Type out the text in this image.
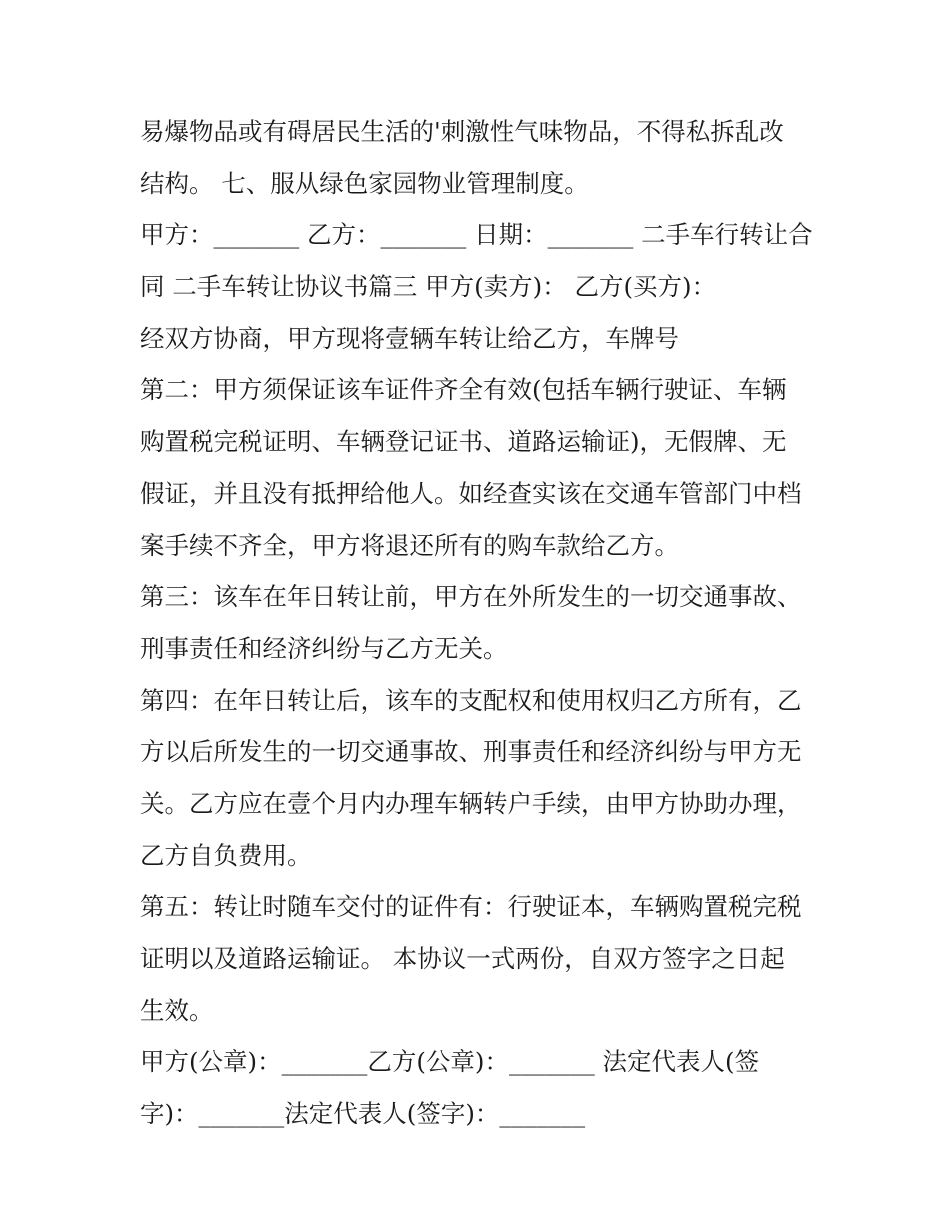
易爆物品或有碍居民生活的'刺激性气味物品，不得私拆乱改
结构。 七、服从绿色家园物业管理制度。
甲方：_______ 乙方：_______ 日期：_______ 二手车行转让合
同 二手车转让协议书篇三 甲方(卖方)： 乙方(买方)：
经双方协商，甲方现将壹辆车转让给乙方，车牌号
第二：甲方须保证该车证件齐全有效(包括车辆行驶证、车辆
购置税完税证明、车辆登记证书、道路运输证)，无假牌、无
假证，并且没有抵押给他人。如经查实该在交通车管部门中档
案手续不齐全，甲方将退还所有的购车款给乙方。
第三：该车在年日转让前，甲方在外所发生的一切交通事故、
刑事责任和经济纠纷与乙方无关。
第四：在年日转让后，该车的支配权和使用权归乙方所有，乙
方以后所发生的一切交通事故、刑事责任和经济纠纷与甲方无
关。乙方应在壹个月内办理车辆转户手续，由甲方协助办理，
乙方自负费用。
第五：转让时随车交付的证件有：行驶证本，车辆购置税完税
证明以及道路运输证。 本协议一式两份，自双方签字之日起
生效。
甲方(公章)：_______乙方(公章)：_______ 法定代表人(签
字)：_______法定代表人(签字)：_______
